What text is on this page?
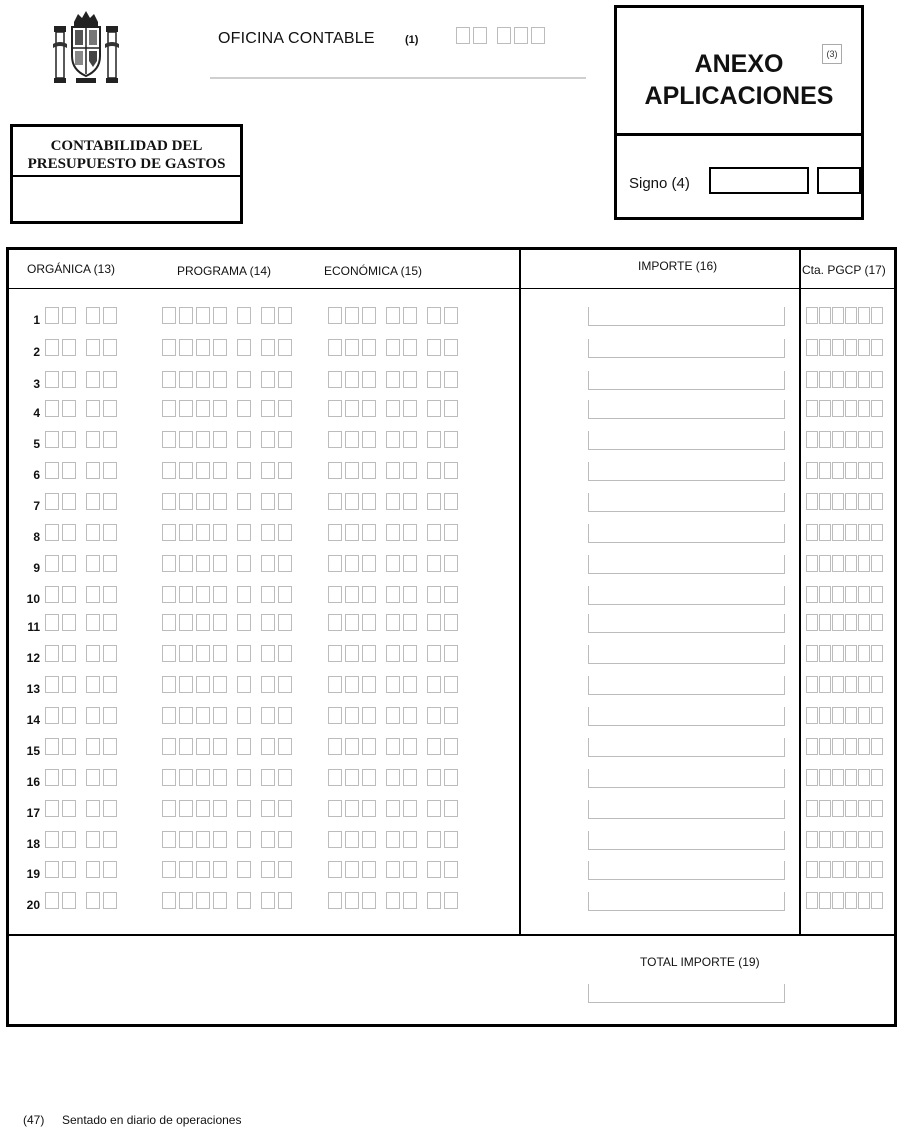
OFICINA CONTABLE	(1)
ANEXO
APLICACIONES
(3)
Signo (4)
CONTABILIDAD DEL
PRESUPUESTO DE GASTOS
ORGÁNICA (13)	PROGRAMA (14)	ECONÓMICA (15)	IMPORTE (16)	Cta. PGCP (17)
1
2
3
4
5
6
7
8
9
10
11
12
13
14
15
16
17
18
19
20
TOTAL IMPORTE (19)
(47) Sentado en diario de operaciones
